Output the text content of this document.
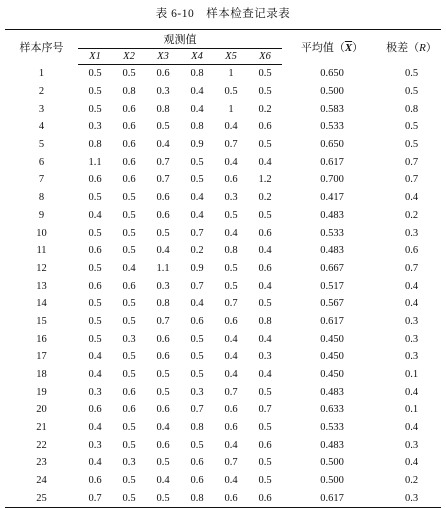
表 6-10　样本检查记录表
样本序号	观测值						平均值$(\overline{X})$	极差（R）
	X1	X2	X3	X4	X5	X6		
1	0.5	0.5	0.6	0.8	1	0.5	0.650	0.5
2	0.5	0.8	0.3	0.4	0.5	0.5	0.500	0.5
3	0.5	0.6	0.8	0.4	1	0.2	0.583	0.8
4	0.3	0.6	0.5	0.8	0.4	0.6	0.533	0.5
5	0.8	0.6	0.4	0.9	0.7	0.5	0.650	0.5
6	1.1	0.6	0.7	0.5	0.4	0.4	0.617	0.7
7	0.6	0.6	0.7	0.5	0.6	1.2	0.700	0.7
8	0.5	0.5	0.6	0.4	0.3	0.2	0.417	0.4
9	0.4	0.5	0.6	0.4	0.5	0.5	0.483	0.2
10	0.5	0.5	0.5	0.7	0.4	0.6	0.533	0.3
11	0.6	0.5	0.4	0.2	0.8	0.4	0.483	0.6
12	0.5	0.4	1.1	0.9	0.5	0.6	0.667	0.7
13	0.6	0.6	0.3	0.7	0.5	0.4	0.517	0.4
14	0.5	0.5	0.8	0.4	0.7	0.5	0.567	0.4
15	0.5	0.5	0.7	0.6	0.6	0.8	0.617	0.3
16	0.5	0.3	0.6	0.5	0.4	0.4	0.450	0.3
17	0.4	0.5	0.6	0.5	0.4	0.3	0.450	0.3
18	0.4	0.5	0.5	0.5	0.4	0.4	0.450	0.1
19	0.3	0.6	0.5	0.3	0.7	0.5	0.483	0.4
20	0.6	0.6	0.6	0.7	0.6	0.7	0.633	0.1
21	0.4	0.5	0.4	0.8	0.6	0.5	0.533	0.4
22	0.3	0.5	0.6	0.5	0.4	0.6	0.483	0.3
23	0.4	0.3	0.5	0.6	0.7	0.5	0.500	0.4
24	0.6	0.5	0.4	0.6	0.4	0.5	0.500	0.2
25	0.7	0.5	0.5	0.8	0.6	0.6	0.617	0.3
